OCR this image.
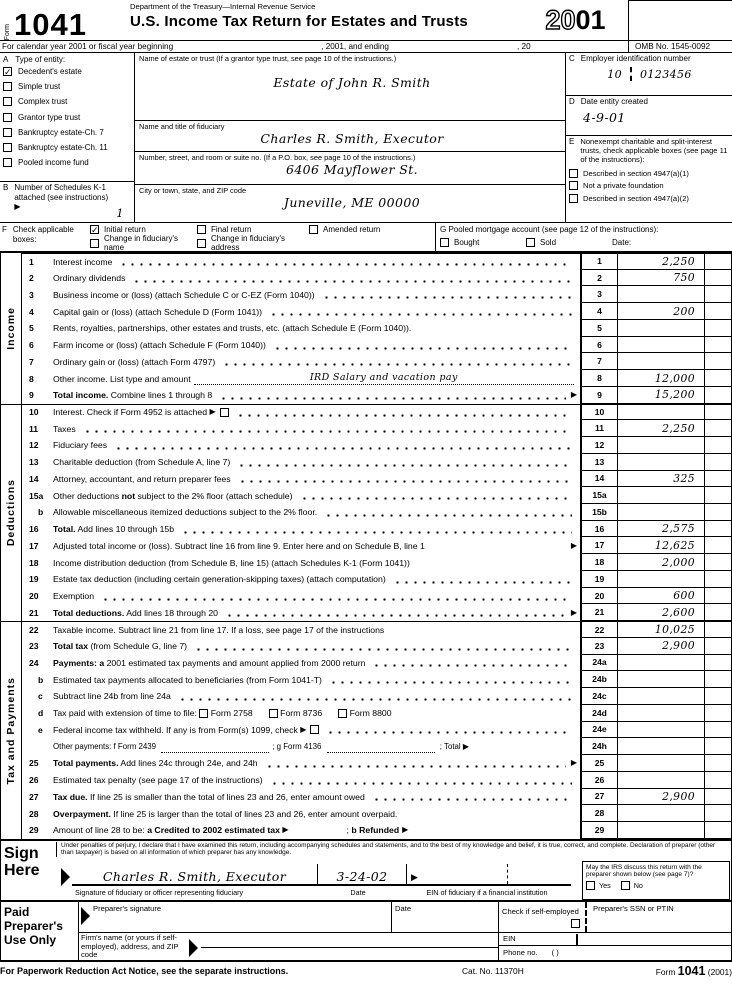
Form 1041
Department of the Treasury—Internal Revenue Service
U.S. Income Tax Return for Estates and Trusts	20 01
For calendar year 2001 or fiscal year beginning	, 2001, and ending	, 20	OMB No. 1545-0092
A Type of entity:
✓ Decedent's estate
Simple trust
Complex trust
Grantor type trust
Bankruptcy estate-Ch. 7
Bankruptcy estate-Ch. 11
Pooled income fund
B Number of Schedules K-1 attached (see instructions) ▶
1
Name of estate or trust (If a grantor type trust, see page 10 of the instructions.)
Estate of John R. Smith
Name and title of fiduciary
Charles R. Smith, Executor
Number, street, and room or suite no. (If a P.O. box, see page 10 of the instructions.)
6406 Mayflower St.
City or town, state, and ZIP code
Juneville, ME 00000
C Employer identification number
10 0123456
D Date entity created
4-9-01
E Nonexempt charitable and split-interest trusts, check applicable boxes (see page 11 of the instructions):
Described in section 4947(a)(1)
Not a private foundation
Described in section 4947(a)(2)
F Check applicable boxes:
✓ Initial return	Final return	Amended return
Change in fiduciary's name
Change in fiduciary's address
G Pooled mortgage account (see page 12 of the instructions):
Bought	Sold	Date:
Income
Deductions
Tax and Payments
1	Interest income	1	2,250
2	Ordinary dividends	2	750
3	Business income or (loss) (attach Schedule C or C-EZ (Form 1040))	3
4	Capital gain or (loss) (attach Schedule D (Form 1041))	4	200
5	Rents, royalties, partnerships, other estates and trusts, etc. (attach Schedule E (Form 1040)).	5
6	Farm income or (loss) (attach Schedule F (Form 1040))	6
7	Ordinary gain or (loss) (attach Form 4797)	7
8	Other income. List type and amount	IRD Salary and vacation pay	8	12,000
9	Total income. Combine lines 1 through 8	▶	9	15,200
10	Interest. Check if Form 4952 is attached ▶	10
11	Taxes	11	2,250
12	Fiduciary fees	12
13	Charitable deduction (from Schedule A, line 7)	13
14	Attorney, accountant, and return preparer fees	14	325
15a	Other deductions not subject to the 2% floor (attach schedule)	15a
b	Allowable miscellaneous itemized deductions subject to the 2% floor.	15b
16	Total. Add lines 10 through 15b	16	2,575
17	Adjusted total income or (loss). Subtract line 16 from line 9. Enter here and on Schedule B, line 1	▶	17	12,625
18	Income distribution deduction (from Schedule B, line 15) (attach Schedules K-1 (Form 1041))	18	2,000
19	Estate tax deduction (including certain generation-skipping taxes) (attach computation)	19
20	Exemption	20	600
21	Total deductions. Add lines 18 through 20	▶	21	2,600
22	Taxable income. Subtract line 21 from line 17. If a loss, see page 17 of the instructions	22	10,025
23	Total tax (from Schedule G, line 7)	23	2,900
24	Payments: a 2001 estimated tax payments and amount applied from 2000 return	24a
b	Estimated tax payments allocated to beneficiaries (from Form 1041-T)	24b
c	Subtract line 24b from line 24a	24c
d	Tax paid with extension of time to file: Form 2758	Form 8736	Form 8800	24d
e	Federal income tax withheld. If any is from Form(s) 1099, check ▶	24e
Other payments: f Form 2439	; g Form 4136	; Total ▶	24h
25	Total payments. Add lines 24c through 24e, and 24h	▶	25
26	Estimated tax penalty (see page 17 of the instructions)	26
27	Tax due. If line 25 is smaller than the total of lines 23 and 26, enter amount owed	27	2,900
28	Overpayment. If line 25 is larger than the total of lines 23 and 26, enter amount overpaid.	28
29	Amount of line 28 to be: a Credited to 2002 estimated tax ▶	; b Refunded ▶	29
Sign
Here
Under penalties of perjury, I declare that I have examined this return, including accompanying schedules and statements, and to the best of my knowledge and belief, it is true, correct, and complete. Declaration of preparer (other than taxpayer) is based on all information of which preparer has any knowledge.
Charles R. Smith, Executor	3-24-02	▶
Signature of fiduciary or officer representing fiduciary	Date	EIN of fiduciary if a financial institution
May the IRS discuss this return with the preparer shown below (see page 7)?
Yes	No
Paid
Preparer's
Use Only
Preparer's signature	Date	Check if self-employed	Preparer's SSN or PTIN
Firm's name (or yours if self-employed), address, and ZIP code
EIN
Phone no. ( )
For Paperwork Reduction Act Notice, see the separate instructions.	Cat. No. 11370H	Form 1041 (2001)
